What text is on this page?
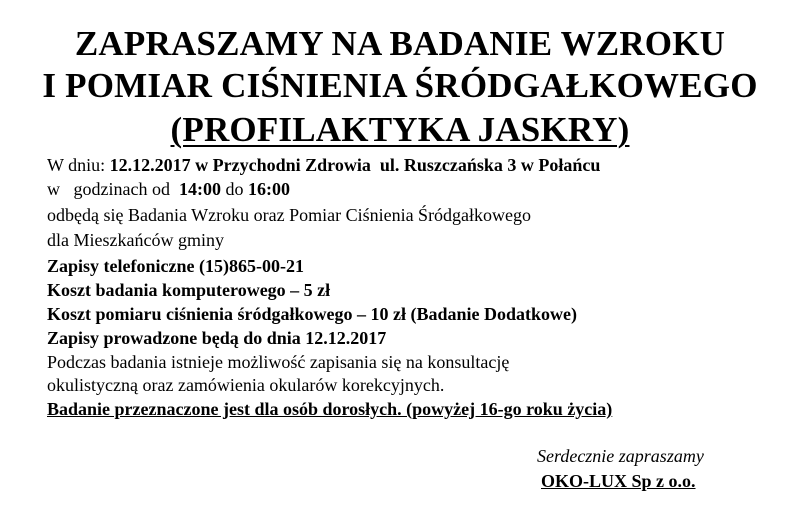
ZAPRASZAMY NA BADANIE WZROKU
I POMIAR CIŚNIENIA ŚRÓDGAŁKOWEGO
(PROFILAKTYKA JASKRY)
W dniu: 12.12.2017 w Przychodni Zdrowia  ul. Ruszczańska 3 w Połańcu
w   godzinach od  14:00 do 16:00
odbędą się Badania Wzroku oraz Pomiar Ciśnienia Śródgałkowego
dla Mieszkańców gminy
Zapisy telefoniczne (15)865-00-21
Koszt badania komputerowego – 5 zł
Koszt pomiaru ciśnienia śródgałkowego – 10 zł (Badanie Dodatkowe)
Zapisy prowadzone będą do dnia 12.12.2017
Podczas badania istnieje możliwość zapisania się na konsultację
okulistyczną oraz zamówienia okularów korekcyjnych.
Badanie przeznaczone jest dla osób dorosłych. (powyżej 16-go roku życia)
Serdecznie zapraszamy
OKO-LUX Sp z o.o.
